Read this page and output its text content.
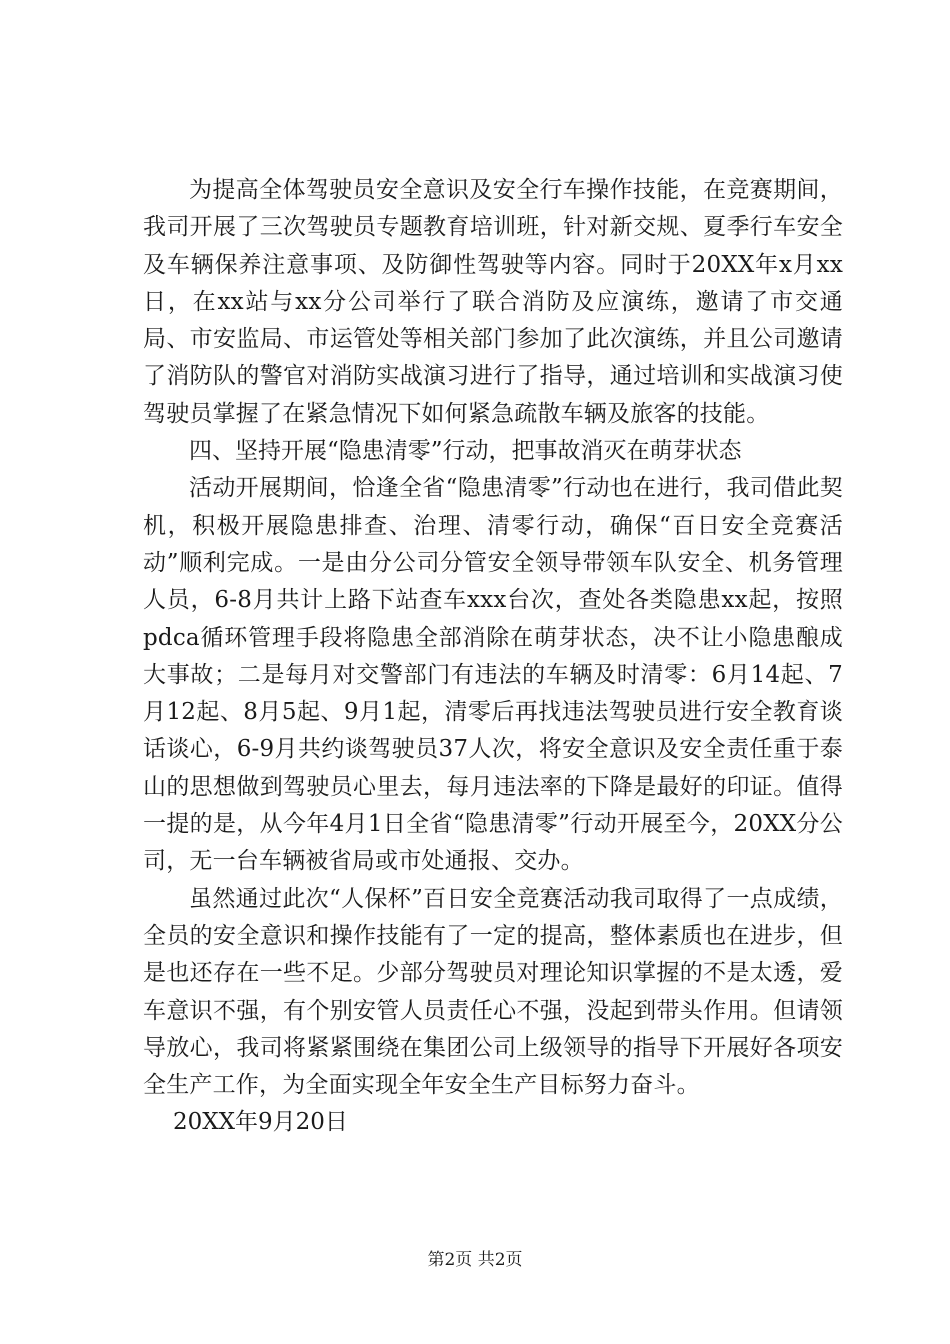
为提高全体驾驶员安全意识及安全行车操作技能，在竞赛期间，我司开展了三次驾驶员专题教育培训班，针对新交规、夏季行车安全及车辆保养注意事项、及防御性驾驶等内容。同时于20XX年x月xx日，在xx站与xx分公司举行了联合消防及应演练，邀请了市交通局、市安监局、市运管处等相关部门参加了此次演练，并且公司邀请了消防队的警官对消防实战演习进行了指导，通过培训和实战演习使驾驶员掌握了在紧急情况下如何紧急疏散车辆及旅客的技能。

四、坚持开展“隐患清零”行动，把事故消灭在萌芽状态

活动开展期间，恰逢全省“隐患清零”行动也在进行，我司借此契机，积极开展隐患排查、治理、清零行动，确保“百日安全竞赛活动”顺利完成。一是由分公司分管安全领导带领车队安全、机务管理人员，6-8月共计上路下站查车xxx台次，查处各类隐患xx起，按照pdca循环管理手段将隐患全部消除在萌芽状态，决不让小隐患酿成大事故；二是每月对交警部门有违法的车辆及时清零：6月14起、7月12起、8月5起、9月1起，清零后再找违法驾驶员进行安全教育谈话谈心，6-9月共约谈驾驶员37人次，将安全意识及安全责任重于泰山的思想做到驾驶员心里去，每月违法率的下降是最好的印证。值得一提的是，从今年4月1日全省“隐患清零”行动开展至今，20XX分公司，无一台车辆被省局或市处通报、交办。

虽然通过此次“人保杯”百日安全竞赛活动我司取得了一点成绩，全员的安全意识和操作技能有了一定的提高，整体素质也在进步，但是也还存在一些不足。少部分驾驶员对理论知识掌握的不是太透，爱车意识不强，有个别安管人员责任心不强，没起到带头作用。但请领导放心，我司将紧紧围绕在集团公司上级领导的指导下开展好各项安全生产工作，为全面实现全年安全生产目标努力奋斗。

20XX年9月20日

第2页 共2页
